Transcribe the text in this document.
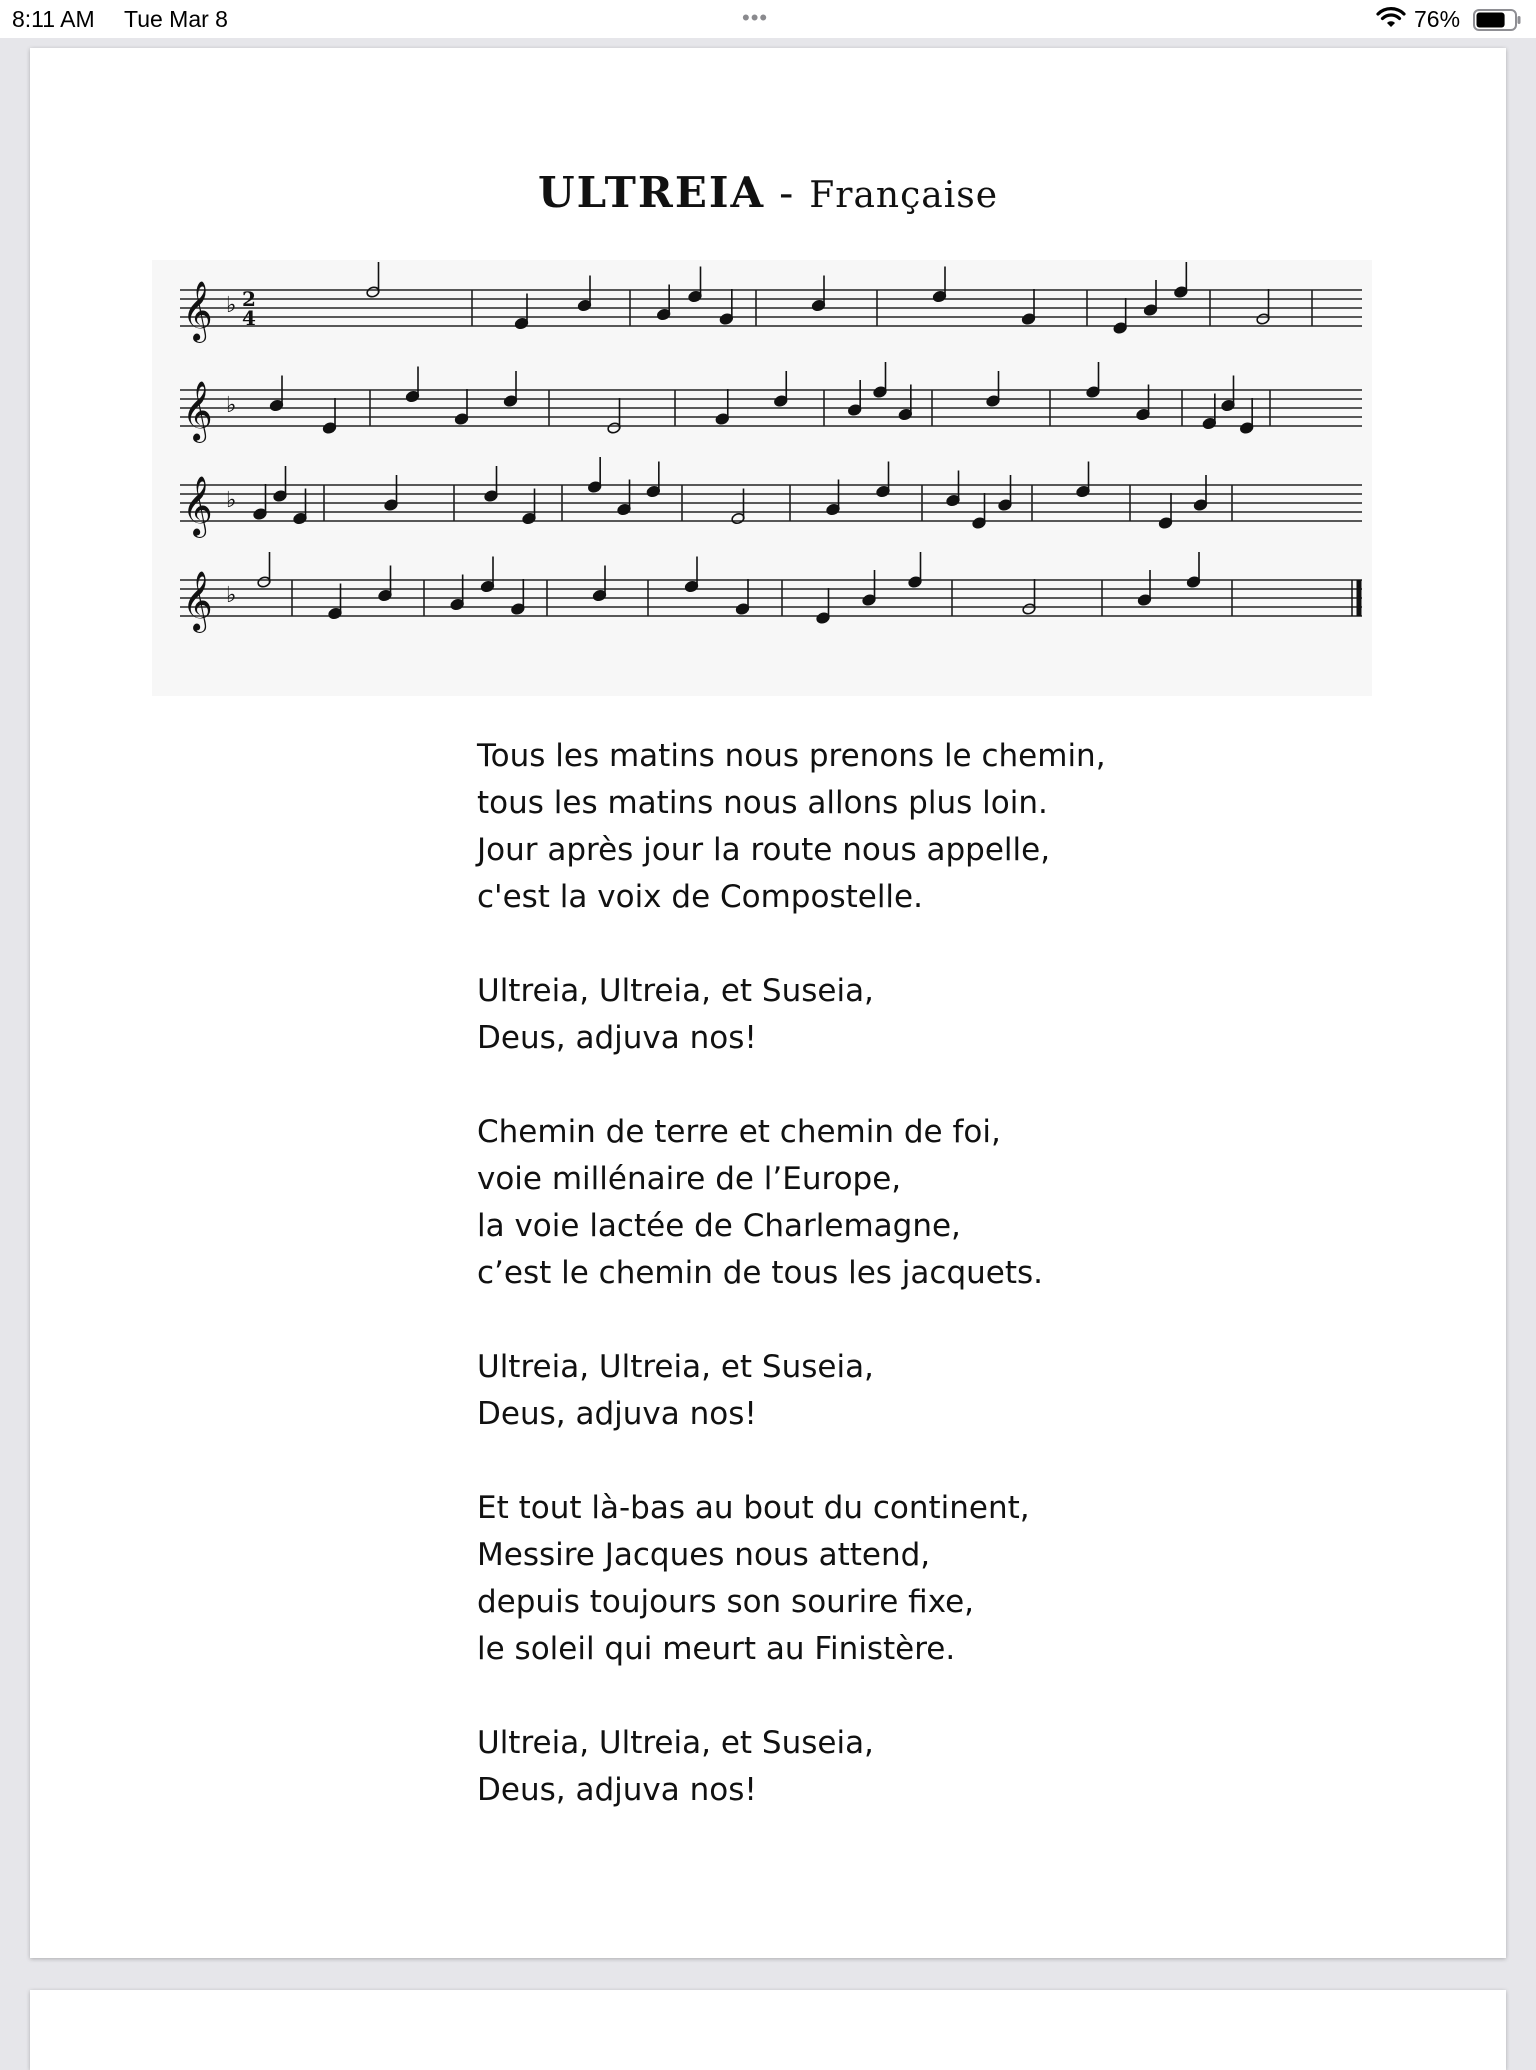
8:11 AM Tue Mar 8	•••	76%
ULTREIA - Française
𝄞 ♭
𝄞 ♭
𝄞 ♭
𝄞 ♭
2
4
Tous les matins nous prenons le chemin,
tous les matins nous allons plus loin.
Jour après jour la route nous appelle,
c'est la voix de Compostelle.
Ultreia, Ultreia, et Suseia,
Deus, adjuva nos!
Chemin de terre et chemin de foi,
voie millénaire de l’Europe,
la voie lactée de Charlemagne,
c’est le chemin de tous les jacquets.
Ultreia, Ultreia, et Suseia,
Deus, adjuva nos!
Et tout là-bas au bout du continent,
Messire Jacques nous attend,
depuis toujours son sourire fixe,
le soleil qui meurt au Finistère.
Ultreia, Ultreia, et Suseia,
Deus, adjuva nos!
